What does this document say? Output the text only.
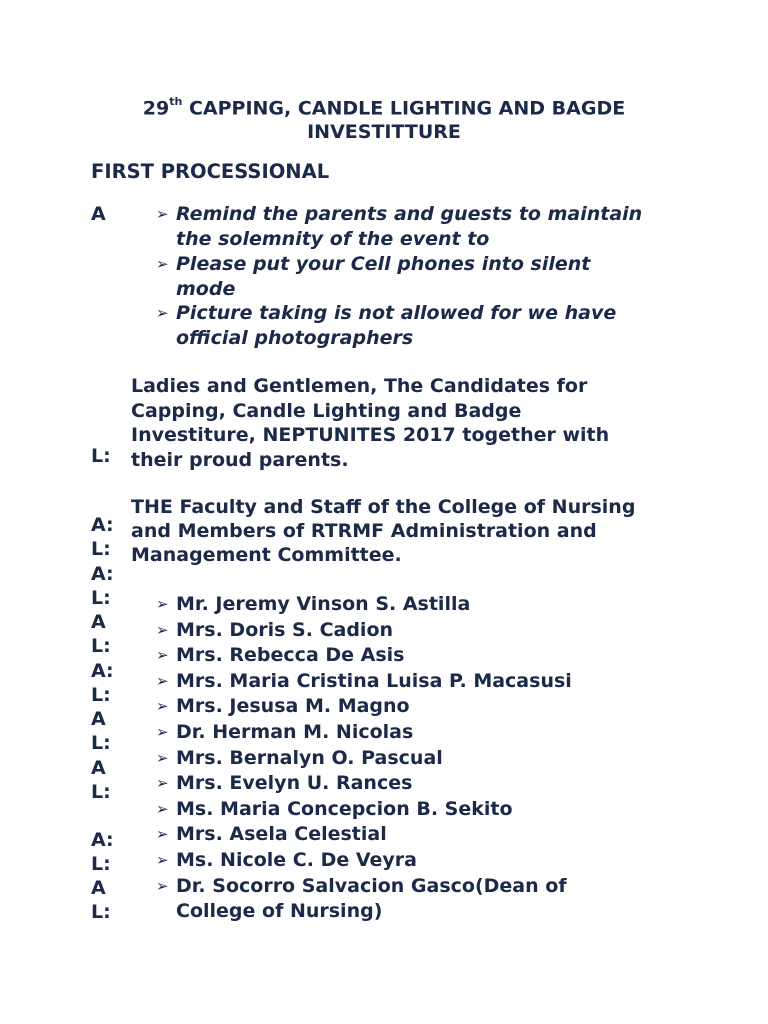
29th CAPPING, CANDLE LIGHTING AND BAGDE
INVESTITTURE
FIRST PROCESSIONAL
A	➢ Remind the parents and guests to maintain
the solemnity of the event to
➢ Please put your Cell phones into silent
mode
➢ Picture taking is not allowed for we have
official photographers
L:
Ladies and Gentlemen, The Candidates for
Capping, Candle Lighting and Badge
Investiture, NEPTUNITES 2017 together with
their proud parents.
THE Faculty and Staff of the College of Nursing
and Members of RTRMF Administration and
Management Committee.
A:
L:
A:
L:
A
L:
A:
L:
A
L:
A
L:
A:
L:
A
L:
➢ Mr. Jeremy Vinson S. Astilla
➢ Mrs. Doris S. Cadion
➢ Mrs. Rebecca De Asis
➢ Mrs. Maria Cristina Luisa P. Macasusi
➢ Mrs. Jesusa M. Magno
➢ Dr. Herman M. Nicolas
➢ Mrs. Bernalyn O. Pascual
➢ Mrs. Evelyn U. Rances
➢ Ms. Maria Concepcion B. Sekito
➢ Mrs. Asela Celestial
➢ Ms. Nicole C. De Veyra
➢ Dr. Socorro Salvacion Gasco(Dean of
College of Nursing)
